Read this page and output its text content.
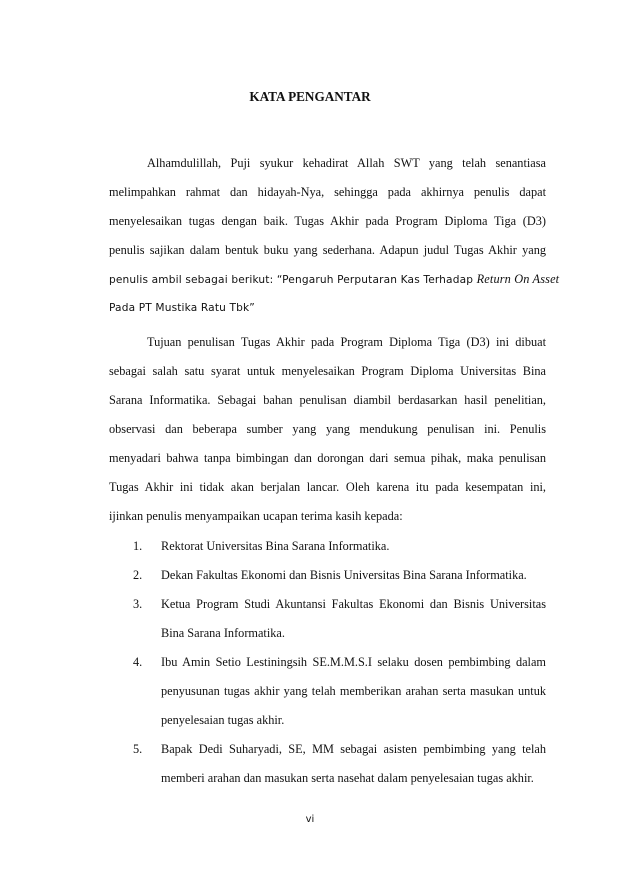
KATA PENGANTAR
Alhamdulillah, Puji syukur kehadirat Allah SWT yang telah senantiasa
melimpahkan rahmat dan hidayah-Nya, sehingga pada akhirnya penulis dapat
menyelesaikan tugas dengan baik. Tugas Akhir pada Program Diploma Tiga (D3)
penulis sajikan dalam bentuk buku yang sederhana. Adapun judul Tugas Akhir yang
penulis ambil sebagai berikut: “Pengaruh Perputaran Kas Terhadap Return On Asset
Pada PT Mustika Ratu Tbk”
Tujuan penulisan Tugas Akhir pada Program Diploma Tiga (D3) ini dibuat
sebagai salah satu syarat untuk menyelesaikan Program Diploma Universitas Bina
Sarana Informatika. Sebagai bahan penulisan diambil berdasarkan hasil penelitian,
observasi dan beberapa sumber yang yang mendukung penulisan ini. Penulis
menyadari bahwa tanpa bimbingan dan dorongan dari semua pihak, maka penulisan
Tugas Akhir ini tidak akan berjalan lancar. Oleh karena itu pada kesempatan ini,
ijinkan penulis menyampaikan ucapan terima kasih kepada:
1.	Rektorat Universitas Bina Sarana Informatika.
2.	Dekan Fakultas Ekonomi dan Bisnis Universitas Bina Sarana Informatika.
3.	Ketua Program Studi Akuntansi Fakultas Ekonomi dan Bisnis Universitas
Bina Sarana Informatika.
4.	Ibu Amin Setio Lestiningsih SE.M.M.S.I selaku dosen pembimbing dalam
penyusunan tugas akhir yang telah memberikan arahan serta masukan untuk
penyelesaian tugas akhir.
5.	Bapak Dedi Suharyadi, SE, MM sebagai asisten pembimbing yang telah
memberi arahan dan masukan serta nasehat dalam penyelesaian tugas akhir.
vi
